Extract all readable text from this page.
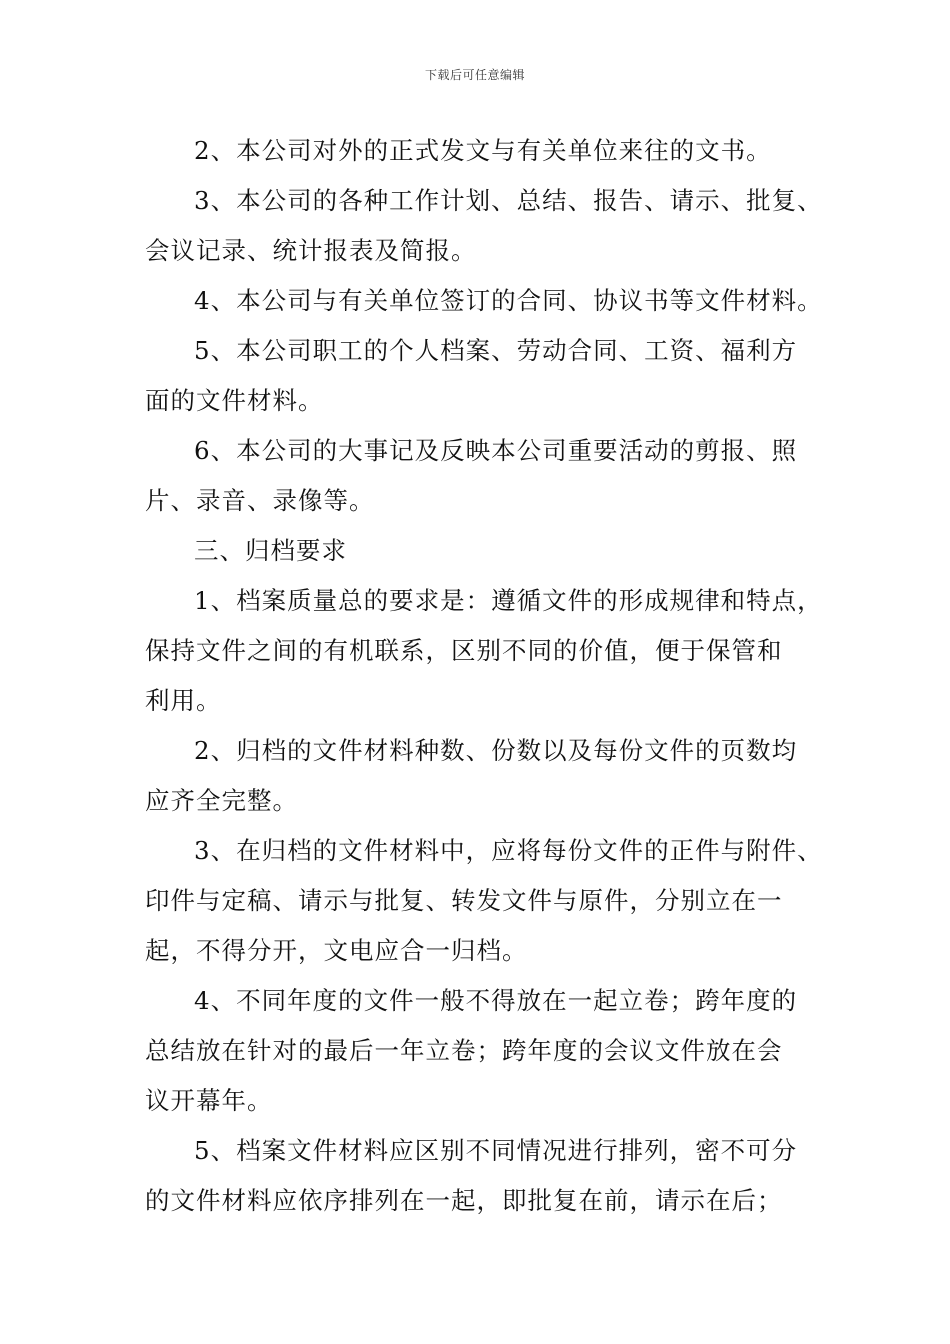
下载后可任意编辑
2、本公司对外的正式发文与有关单位来往的文书。
3、本公司的各种工作计划、总结、报告、请示、批复、
会议记录、统计报表及简报。
4、本公司与有关单位签订的合同、协议书等文件材料。
5、本公司职工的个人档案、劳动合同、工资、福利方
面的文件材料。
6、本公司的大事记及反映本公司重要活动的剪报、照
片、录音、录像等。
三、归档要求
1、档案质量总的要求是：遵循文件的形成规律和特点，
保持文件之间的有机联系，区别不同的价值，便于保管和
利用。
2、归档的文件材料种数、份数以及每份文件的页数均
应齐全完整。
3、在归档的文件材料中，应将每份文件的正件与附件、
印件与定稿、请示与批复、转发文件与原件，分别立在一
起，不得分开，文电应合一归档。
4、不同年度的文件一般不得放在一起立卷；跨年度的
总结放在针对的最后一年立卷；跨年度的会议文件放在会
议开幕年。
5、档案文件材料应区别不同情况进行排列，密不可分
的文件材料应依序排列在一起，即批复在前，请示在后；
